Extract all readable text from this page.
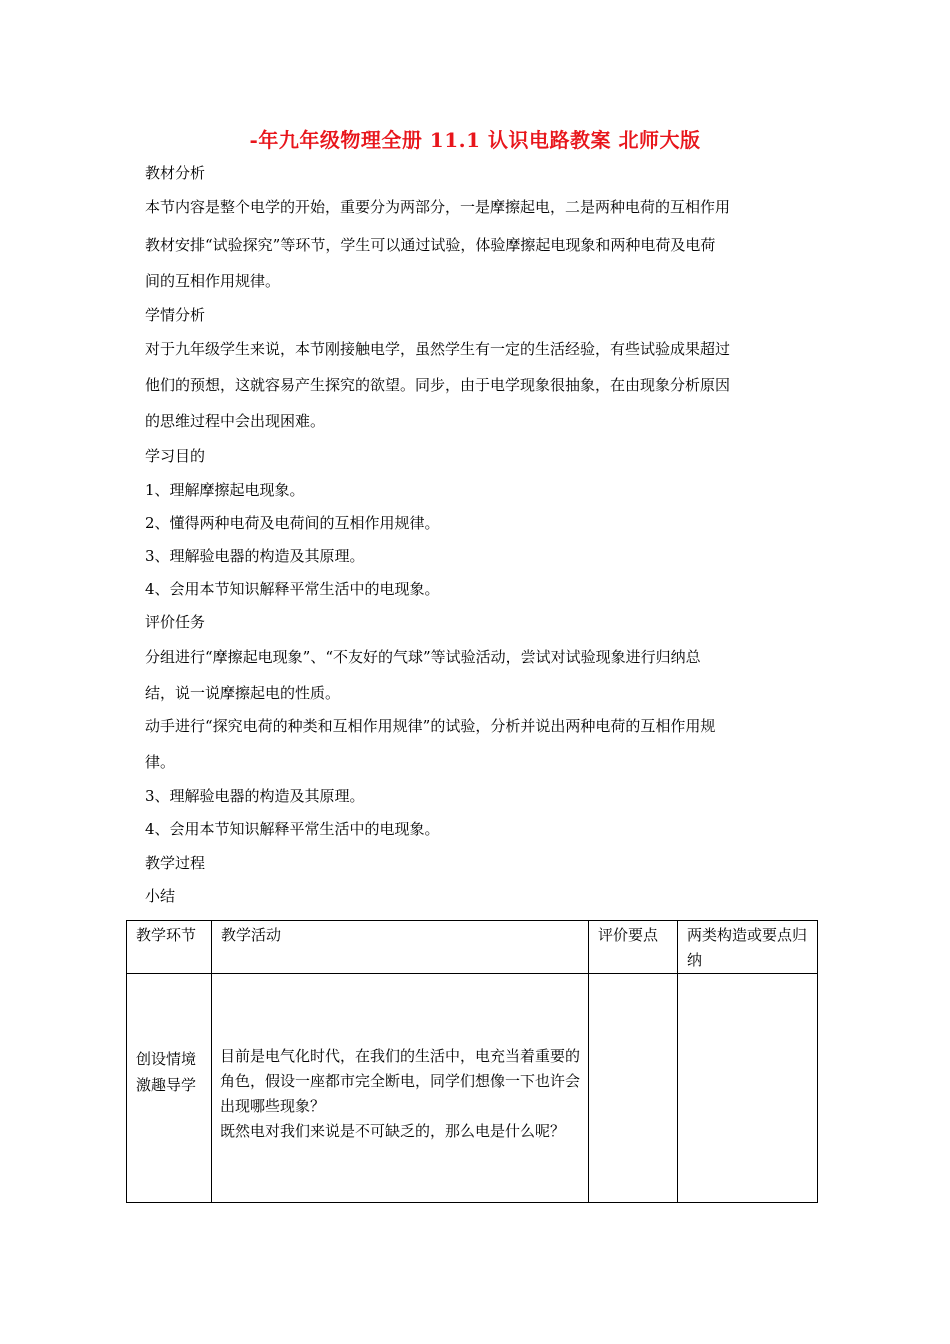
-年九年级物理全册 11.1 认识电路教案 北师大版
教材分析
本节内容是整个电学的开始，重要分为两部分，一是摩擦起电，二是两种电荷的互相作用
教材安排“试验探究”等环节，学生可以通过试验，体验摩擦起电现象和两种电荷及电荷
间的互相作用规律。
学情分析
对于九年级学生来说，本节刚接触电学，虽然学生有一定的生活经验，有些试验成果超过
他们的预想，这就容易产生探究的欲望。同步，由于电学现象很抽象，在由现象分析原因
的思维过程中会出现困难。
学习目的
1、理解摩擦起电现象。
2、懂得两种电荷及电荷间的互相作用规律。
3、理解验电器的构造及其原理。
4、会用本节知识解释平常生活中的电现象。
评价任务
分组进行“摩擦起电现象”、“不友好的气球”等试验活动，尝试对试验现象进行归纳总
结，说一说摩擦起电的性质。
动手进行“探究电荷的种类和互相作用规律”的试验，分析并说出两种电荷的互相作用规
律。
3、理解验电器的构造及其原理。
4、会用本节知识解释平常生活中的电现象。
教学过程
小结
教学环节	教学活动	评价要点	两类构造或要点归纳

创设情境激趣导学	目前是电气化时代，在我们的生活中，电充当着重要的角色，假设一座都市完全断电，同学们想像一下也许会出现哪些现象？
既然电对我们来说是不可缺乏的，那么电是什么呢？		
